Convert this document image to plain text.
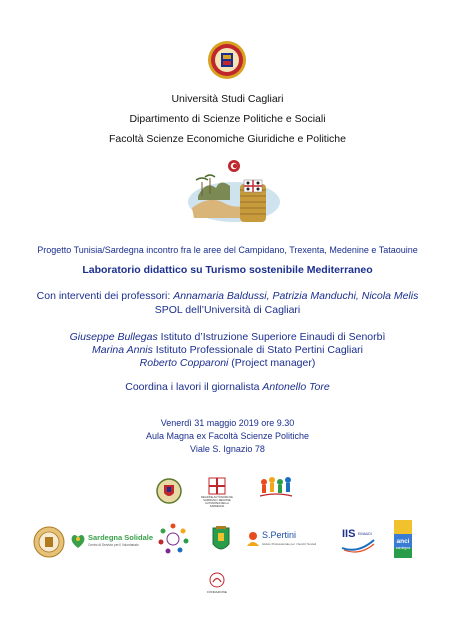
Università Studi Cagliari
Dipartimento di Scienze Politiche e Sociali
Facoltà Scienze Economiche Giuridiche e Politiche
Progetto Tunisia/Sardegna incontro fra le aree del Campidano, Trexenta, Medenine e Tataouine
Laboratorio didattico su Turismo sostenibile Mediterraneo
Con interventi dei professori: Annamaria Baldussi, Patrizia Manduchi, Nicola Melis
SPOL dell’Università di Cagliari
Giuseppe Bullegas Istituto d’Istruzione Superiore Einaudi di Senorbì
Marina Annis Istituto Professionale di Stato Pertini Cagliari
Roberto Copparoni (Project manager)
Coordina i lavori il giornalista Antonello Tore
Venerdì 31 maggio 2019 ore 9.30
Aula Magna ex Facoltà Scienze Politiche
Viale S. Ignazio 78
REGIONE AUTÒNOMA DE SARDIGNA / REGIONE AUTONOMA DELLA SARDEGNA
Sardegna Solidale
Centro di Servizio per il Volontariato
S.Pertini
Istituto Professionale per i Servizi Sociali
IIS EINAUDI
anci
sardegna
FONDAZIONE
